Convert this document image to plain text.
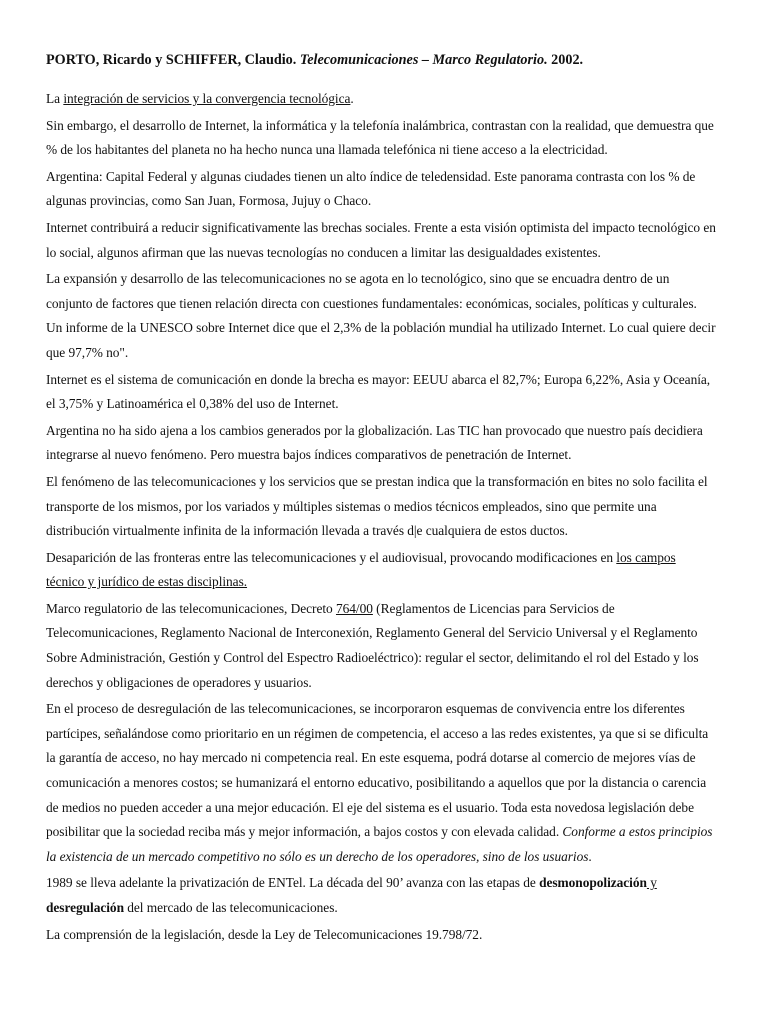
PORTO, Ricardo y SCHIFFER, Claudio. Telecomunicaciones – Marco Regulatorio. 2002.
La integración de servicios y la convergencia tecnológica.
Sin embargo, el desarrollo de Internet, la informática y la telefonía inalámbrica, contrastan con la realidad, que demuestra que % de los habitantes del planeta no ha hecho nunca una llamada telefónica ni tiene acceso a la electricidad.
Argentina: Capital Federal y algunas ciudades tienen un alto índice de teledensidad. Este panorama contrasta con los % de algunas provincias, como San Juan, Formosa, Jujuy o Chaco.
Internet contribuirá a reducir significativamente las brechas sociales. Frente a esta visión optimista del impacto tecnológico en lo social, algunos afirman que las nuevas tecnologías no conducen a limitar las desigualdades existentes.
La expansión y desarrollo de las telecomunicaciones no se agota en lo tecnológico, sino que se encuadra dentro de un conjunto de factores que tienen relación directa con cuestiones fundamentales: económicas, sociales, políticas y culturales. Un informe de la UNESCO sobre Internet dice que el 2,3% de la población mundial ha utilizado Internet. Lo cual quiere decir que 97,7% no".
Internet es el sistema de comunicación en donde la brecha es mayor: EEUU abarca el 82,7%; Europa 6,22%, Asia y Oceanía, el 3,75% y Latinoamérica el 0,38% del uso de Internet.
Argentina no ha sido ajena a los cambios generados por la globalización. Las TIC han provocado que nuestro país decidiera integrarse al nuevo fenómeno. Pero muestra bajos índices comparativos de penetración de Internet.
El fenómeno de las telecomunicaciones y los servicios que se prestan indica que la transformación en bites no solo facilita el transporte de los mismos, por los variados y múltiples sistemas o medios técnicos empleados, sino que permite una distribución virtualmente infinita de la información llevada a través d|e cualquiera de estos ductos.
Desaparición de las fronteras entre las telecomunicaciones y el audiovisual, provocando modificaciones en los campos técnico y jurídico de estas disciplinas.
Marco regulatorio de las telecomunicaciones, Decreto 764/00 (Reglamentos de Licencias para Servicios de Telecomunicaciones, Reglamento Nacional de Interconexión, Reglamento General del Servicio Universal y el Reglamento Sobre Administración, Gestión y Control del Espectro Radioeléctrico): regular el sector, delimitando el rol del Estado y los derechos y obligaciones de operadores y usuarios.
En el proceso de desregulación de las telecomunicaciones, se incorporaron esquemas de convivencia entre los diferentes partícipes, señalándose como prioritario en un régimen de competencia, el acceso a las redes existentes, ya que si se dificulta la garantía de acceso, no hay mercado ni competencia real. En este esquema, podrá dotarse al comercio de mejores vías de comunicación a menores costos; se humanizará el entorno educativo, posibilitando a aquellos que por la distancia o carencia de medios no pueden acceder a una mejor educación. El eje del sistema es el usuario. Toda esta novedosa legislación debe posibilitar que la sociedad reciba más y mejor información, a bajos costos y con elevada calidad. Conforme a estos principios la existencia de un mercado competitivo no sólo es un derecho de los operadores, sino de los usuarios.
1989 se lleva adelante la privatización de ENTel. La década del 90’ avanza con las etapas de desmonopolización y desregulación del mercado de las telecomunicaciones.
La comprensión de la legislación, desde la Ley de Telecomunicaciones 19.798/72.
